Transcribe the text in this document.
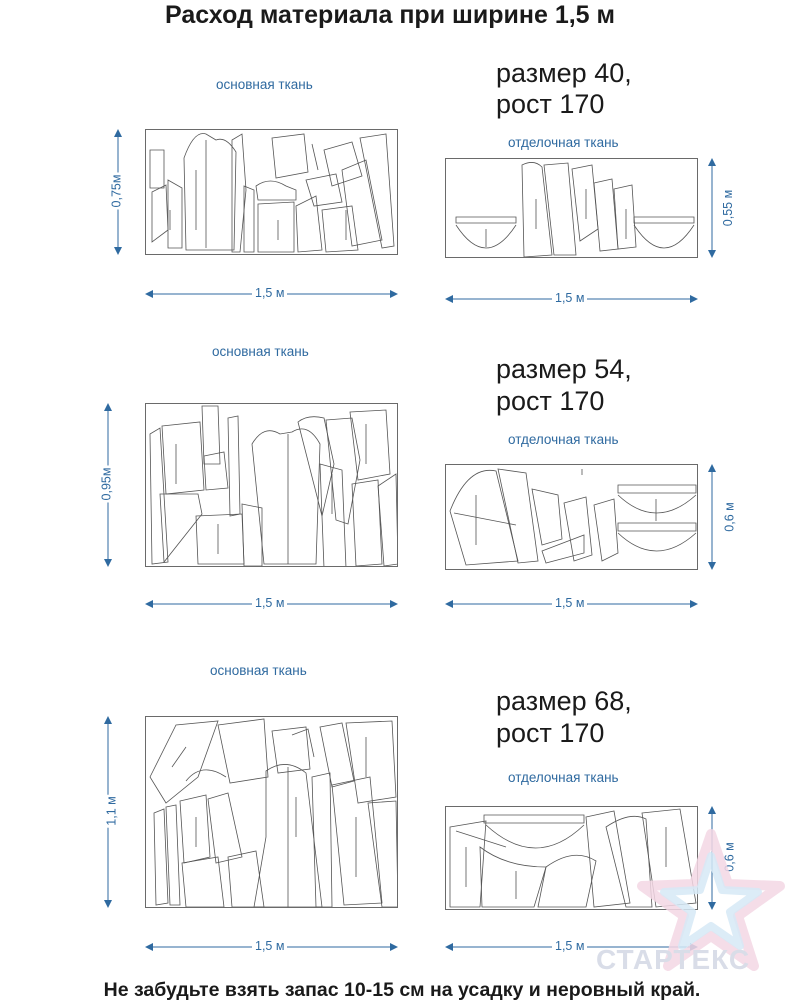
Расход материала при ширине 1,5 м
основная ткань	размер 40,
рост 170
отделочная ткань
0,75м
1,5 м
0,55 м
1,5 м
основная ткань
размер 54,
рост 170
отделочная ткань
0,95м
1,5 м
0,6 м
1,5 м
основная ткань
размер 68,
рост 170
отделочная ткань
1,1 м
1,5 м
0,6 м
1,5 м СТАРТЕКС
Не забудьте взять запас 10-15 см на усадку и неровный край.
